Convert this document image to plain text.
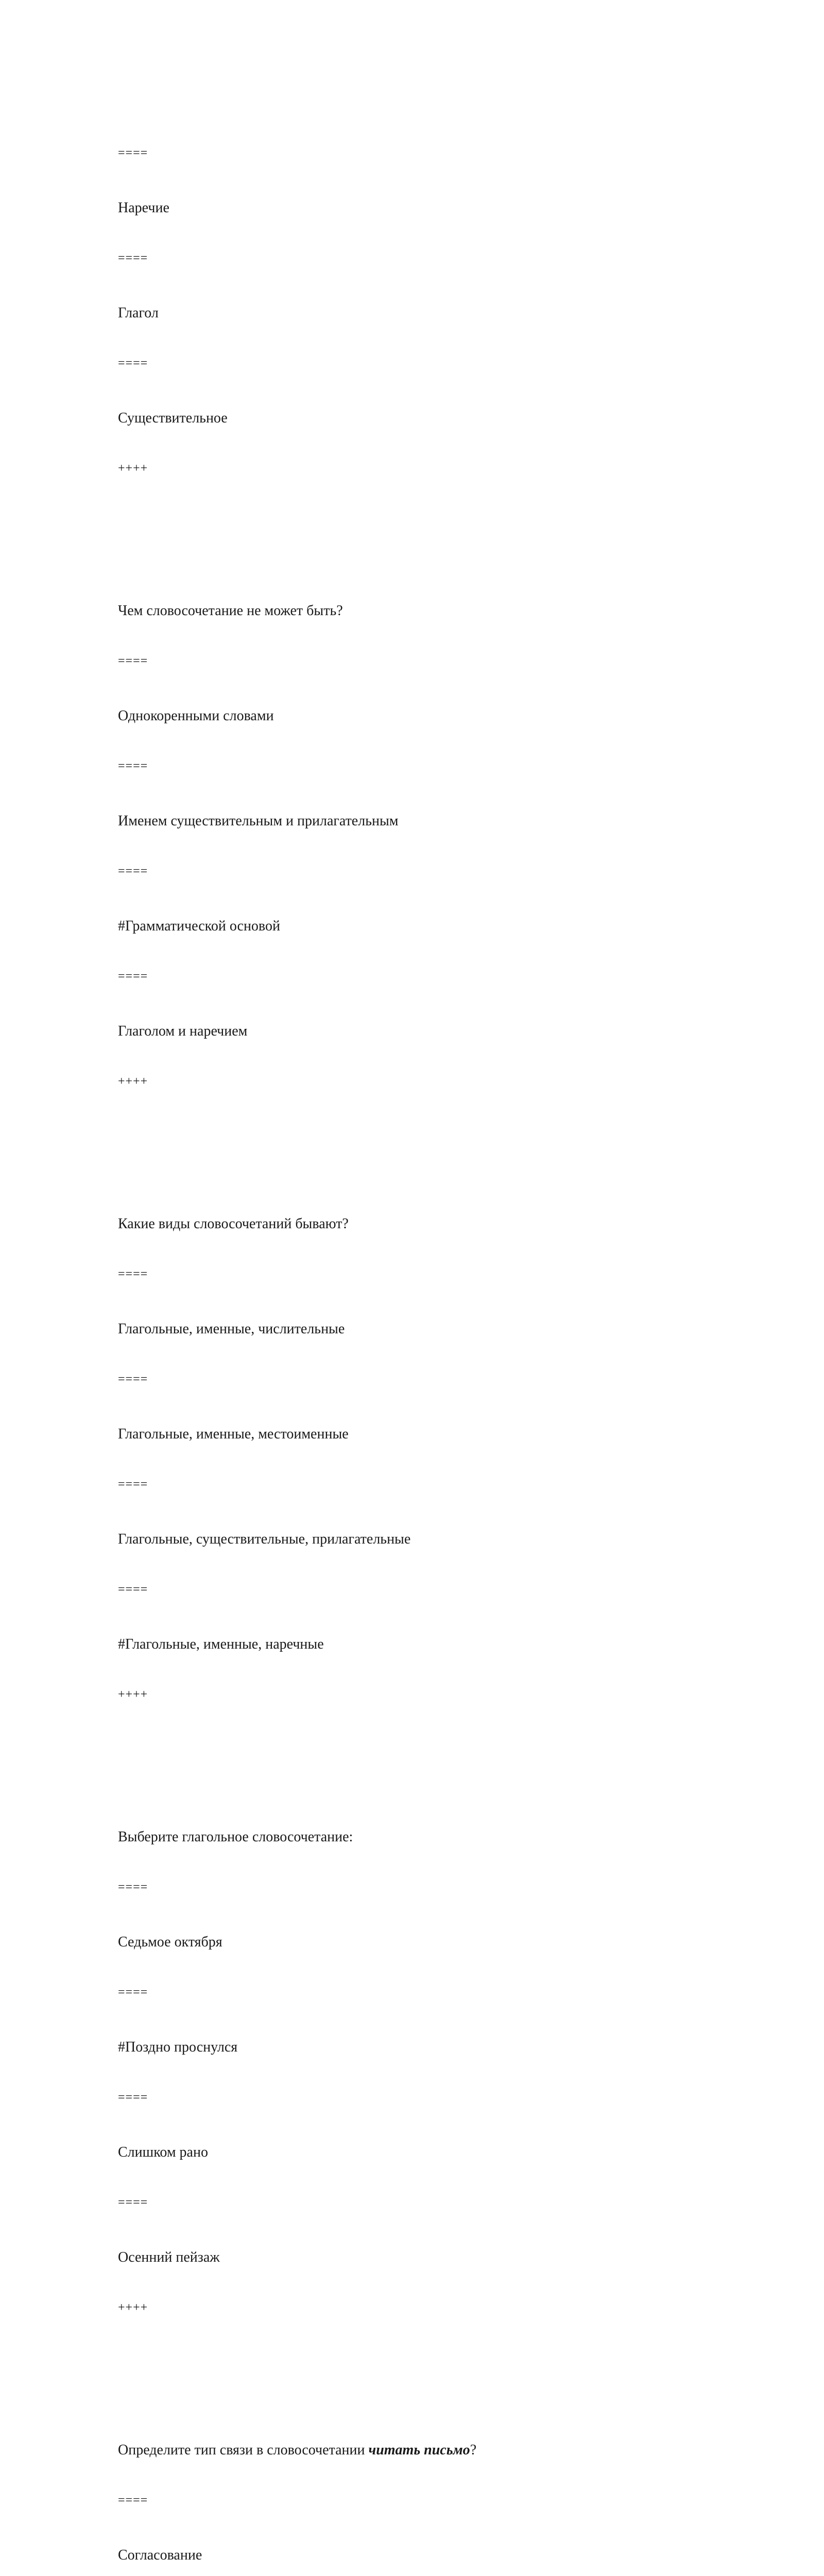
====

Наречие

====

Глагол

====

Существительное

++++

Чем словосочетание не может быть?

====

Однокоренными словами

====

Именем существительным и прилагательным

====

#Грамматической основой

====

Глаголом и наречием

++++

Какие виды словосочетаний бывают?

====

Глагольные, именные, числительные

====

Глагольные, именные, местоименные

====

Глагольные, существительные, прилагательные

====

#Глагольные, именные, наречные

++++

Выберите глагольное словосочетание:

====

Седьмое октября

====

#Поздно проснулся

====

Слишком рано

====

Осенний пейзаж

++++

Определите тип связи в словосочетании читать письмо?

====

Согласование
